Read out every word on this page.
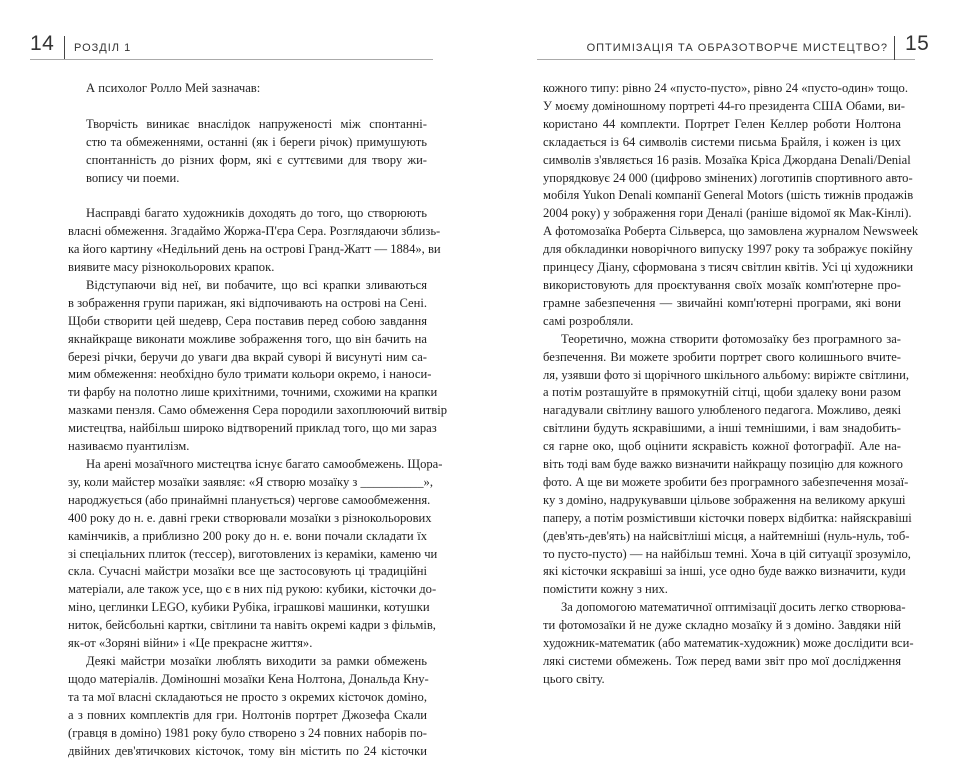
14 РОЗДІЛ 1

А психолог Ролло Мей зазначав:

Творчість виникає внаслідок напруженості між спонтанні-
стю та обмеженнями, останні (як і береги річок) примушують
спонтанність до різних форм, які є суттєвими для твору жи-
вопису чи поеми.

Насправді багато художників доходять до того, що створюють
власні обмеження. Згадаймо Жоржа-П'єра Сера. Розглядаючи зблизь-
ка його картину «Недільний день на острові Гранд-Жатт — 1884», ви
виявите масу різнокольорових крапок.

Відступаючи від неї, ви побачите, що всі крапки зливаються
в зображення групи парижан, які відпочивають на острові на Сені.
Щоби створити цей шедевр, Сера поставив перед собою завдання
якнайкраще виконати можливе зображення того, що він бачить на
березі річки, беручи до уваги два вкрай суворі й висунуті ним са-
мим обмеження: необхідно було тримати кольори окремо, і наноси-
ти фарбу на полотно лише крихітними, точними, схожими на крапки
мазками пензля. Само обмеження Сера породили захоплюючий витвір
мистецтва, найбільш широко відтворений приклад того, що ми зараз
називаємо пуантилізм.

На арені мозаїчного мистецтва існує багато самообмежень. Щора-
зу, коли майстер мозаїки заявляє: «Я створю мозаїку з __________»,
народжується (або принаймні планується) чергове самообмеження.
400 року до н. е. давні греки створювали мозаїки з різнокольорових
камінчиків, а приблизно 200 року до н. е. вони почали складати їх
зі спеціальних плиток (тессер), виготовлених із кераміки, каменю чи
скла. Сучасні майстри мозаїки все ще застосовують ці традиційні
матеріали, але також усе, що є в них під рукою: кубики, кісточки до-
міно, цеглинки LEGO, кубики Рубіка, іграшкові машинки, котушки
ниток, бейсбольні картки, світлини та навіть окремі кадри з фільмів,
як-от «Зоряні війни» і «Це прекрасне життя».

Деякі майстри мозаїки люблять виходити за рамки обмежень
щодо матеріалів. Доміношні мозаїки Кена Нолтона, Дональда Кну-
та та мої власні складаються не просто з окремих кісточок доміно,
а з повних комплектів для гри. Нолтонів портрет Джозефа Скали
(гравця в доміно) 1981 року було створено з 24 повних наборів по-
двійних дев'ятичкових кісточок, тому він містить по 24 кісточки

ОПТИМІЗАЦІЯ ТА ОБРАЗОТВОРЧЕ МИСТЕЦТВО? 15

кожного типу: рівно 24 «пусто-пусто», рівно 24 «пусто-один» тощо.
У моєму доміношному портреті 44-го президента США Обами, ви-
користано 44 комплекти. Портрет Гелен Келлер роботи Нолтона
складається із 64 символів системи письма Брайля, і кожен із цих
символів з'являється 16 разів. Мозаїка Кріса Джордана Denali/Denial
упорядковує 24 000 (цифрово змінених) логотипів спортивного авто-
мобіля Yukon Denali компанії General Motors (шість тижнів продажів
2004 року) у зображення гори Деналі (раніше відомої як Мак-Кінлі).
А фотомозаїка Роберта Сільверса, що замовлена журналом Newsweek
для обкладинки новорічного випуску 1997 року та зображує покійну
принцесу Діану, сформована з тисяч світлин квітів. Усі ці художники
використовують для проєктування своїх мозаїк комп'ютерне про-
грамне забезпечення — звичайні комп'ютерні програми, які вони
самі розробляли.

Теоретично, можна створити фотомозаїку без програмного за-
безпечення. Ви можете зробити портрет свого колишнього вчите-
ля, узявши фото зі щорічного шкільного альбому: виріжте світлини,
а потім розташуйте в прямокутній сітці, щоби здалеку вони разом
нагадували світлину вашого улюбленого педагога. Можливо, деякі
світлини будуть яскравішими, а інші темнішими, і вам знадобить-
ся гарне око, щоб оцінити яскравість кожної фотографії. Але на-
віть тоді вам буде важко визначити найкращу позицію для кожного
фото. А ще ви можете зробити без програмного забезпечення мозаї-
ку з доміно, надрукувавши цільове зображення на великому аркуші
паперу, а потім розмістивши кісточки поверх відбитка: найяскравіші
(дев'ять-дев'ять) на найсвітліші місця, а найтемніші (нуль-нуль, тоб-
то пусто-пусто) — на найбільш темні. Хоча в цій ситуації зрозуміло,
які кісточки яскравіші за інші, усе одно буде важко визначити, куди
помістити кожну з них.

За допомогою математичної оптимізації досить легко створюва-
ти фотомозаїки й не дуже складно мозаїку й з доміно. Завдяки ній
художник-математик (або математик-художник) може дослідити вси-
лякі системи обмежень. Тож перед вами звіт про мої дослідження
цього світу.
